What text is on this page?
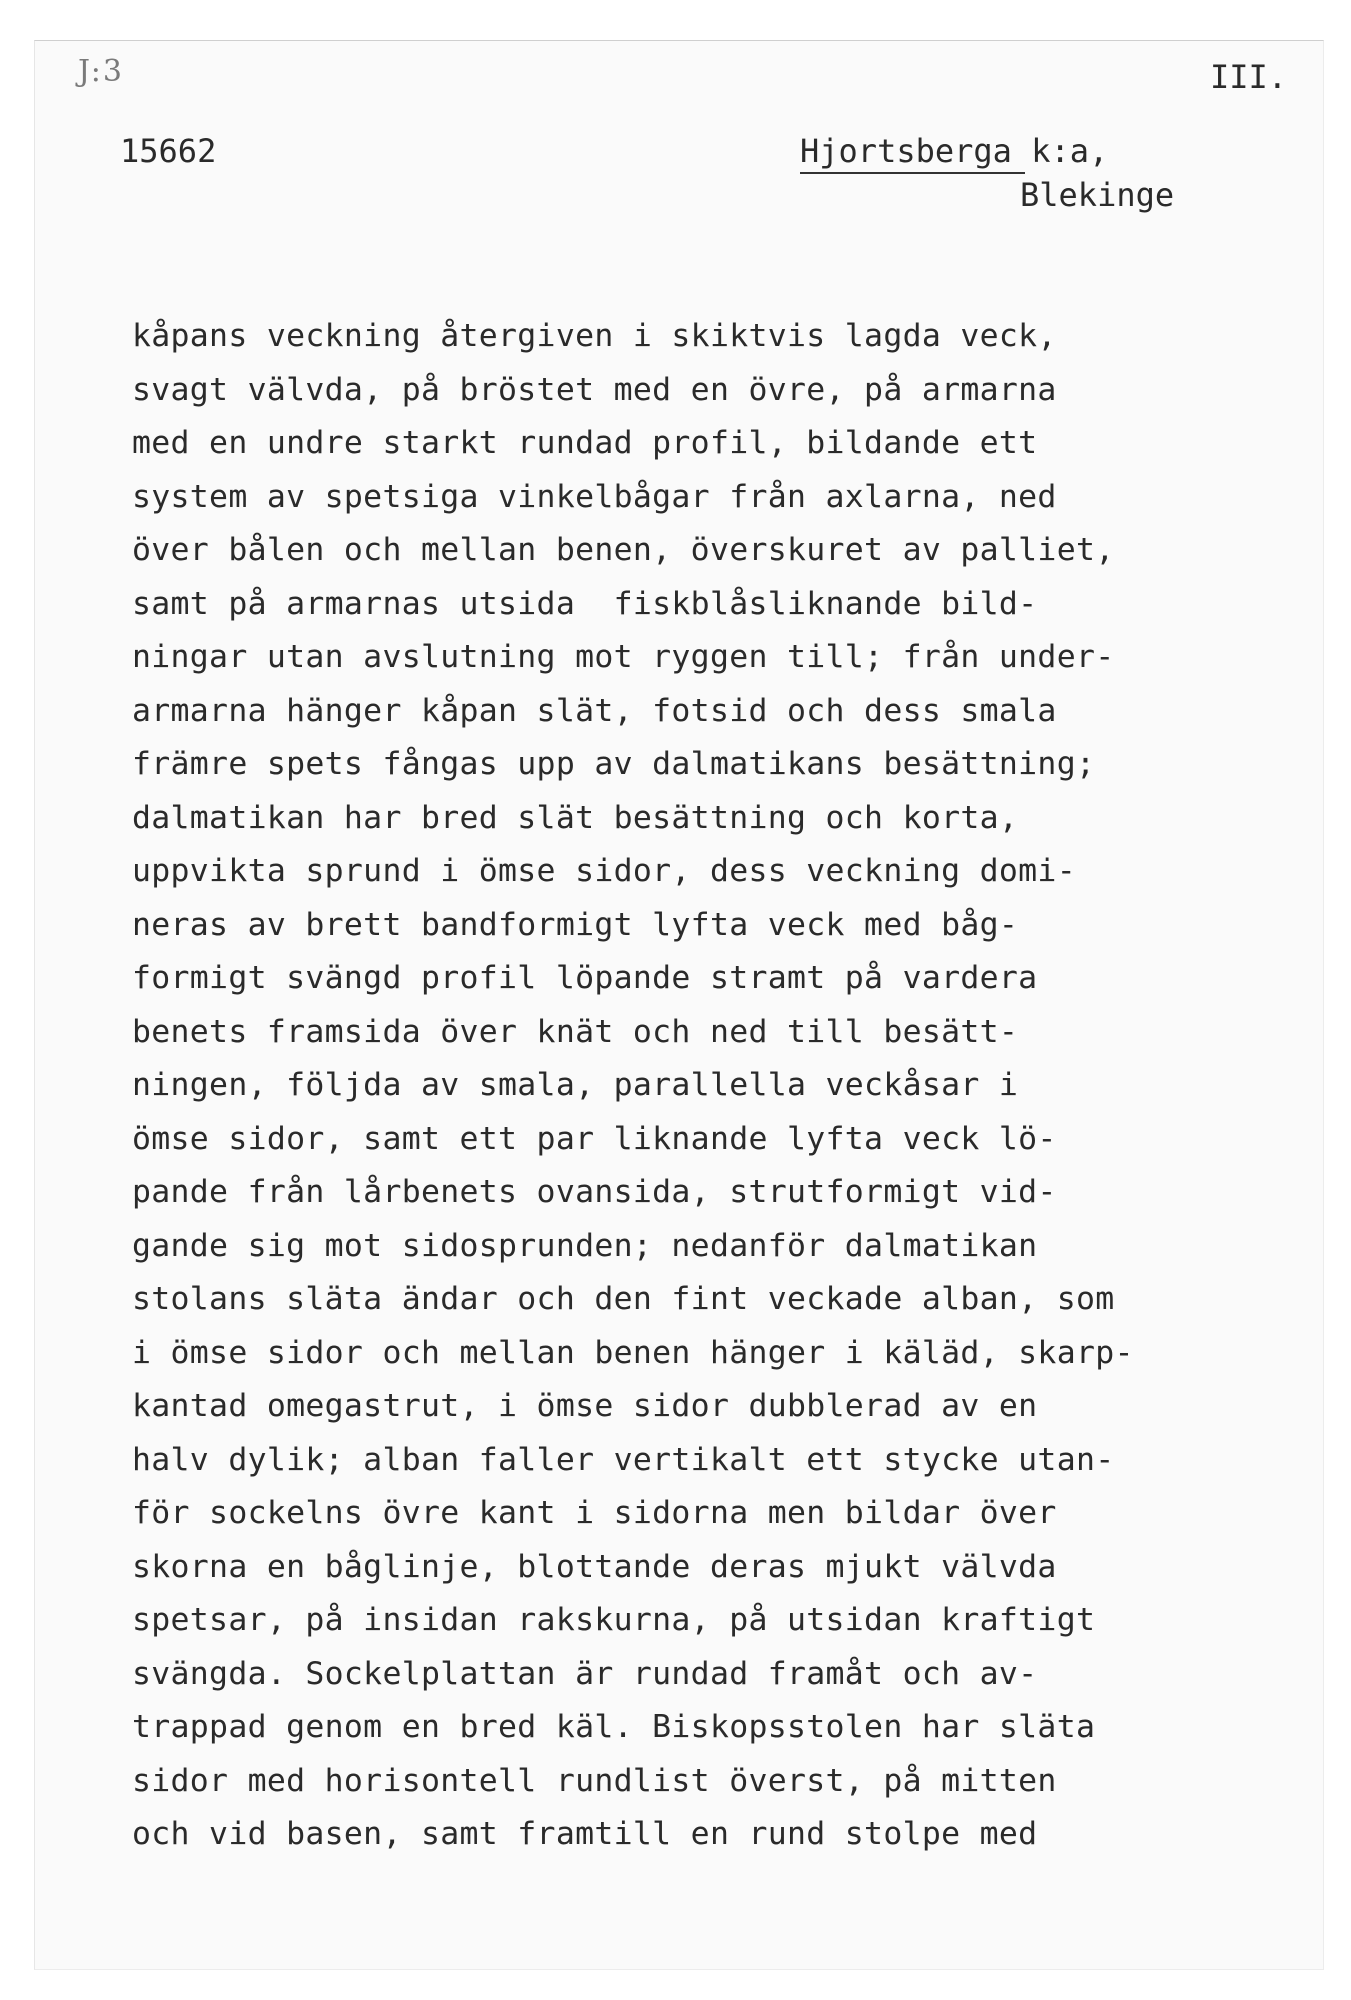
J:3	III.
15662	Hjortsberga k:a,
Blekinge
kåpans veckning återgiven i skiktvis lagda veck,
svagt välvda, på bröstet med en övre, på armarna
med en undre starkt rundad profil, bildande ett
system av spetsiga vinkelbågar från axlarna, ned
över bålen och mellan benen, överskuret av palliet,
samt på armarnas utsida  fiskblåsliknande bild-
ningar utan avslutning mot ryggen till; från under-
armarna hänger kåpan slät, fotsid och dess smala
främre spets fångas upp av dalmatikans besättning;
dalmatikan har bred slät besättning och korta,
uppvikta sprund i ömse sidor, dess veckning domi-
neras av brett bandformigt lyfta veck med båg-
formigt svängd profil löpande stramt på vardera
benets framsida över knät och ned till besätt-
ningen, följda av smala, parallella veckåsar i
ömse sidor, samt ett par liknande lyfta veck lö-
pande från lårbenets ovansida, strutformigt vid-
gande sig mot sidosprunden; nedanför dalmatikan
stolans släta ändar och den fint veckade alban, som
i ömse sidor och mellan benen hänger i käläd, skarp-
kantad omegastrut, i ömse sidor dubblerad av en
halv dylik; alban faller vertikalt ett stycke utan-
för sockelns övre kant i sidorna men bildar över
skorna en båglinje, blottande deras mjukt välvda
spetsar, på insidan rakskurna, på utsidan kraftigt
svängda. Sockelplattan är rundad framåt och av-
trappad genom en bred käl. Biskopsstolen har släta
sidor med horisontell rundlist överst, på mitten
och vid basen, samt framtill en rund stolpe med
